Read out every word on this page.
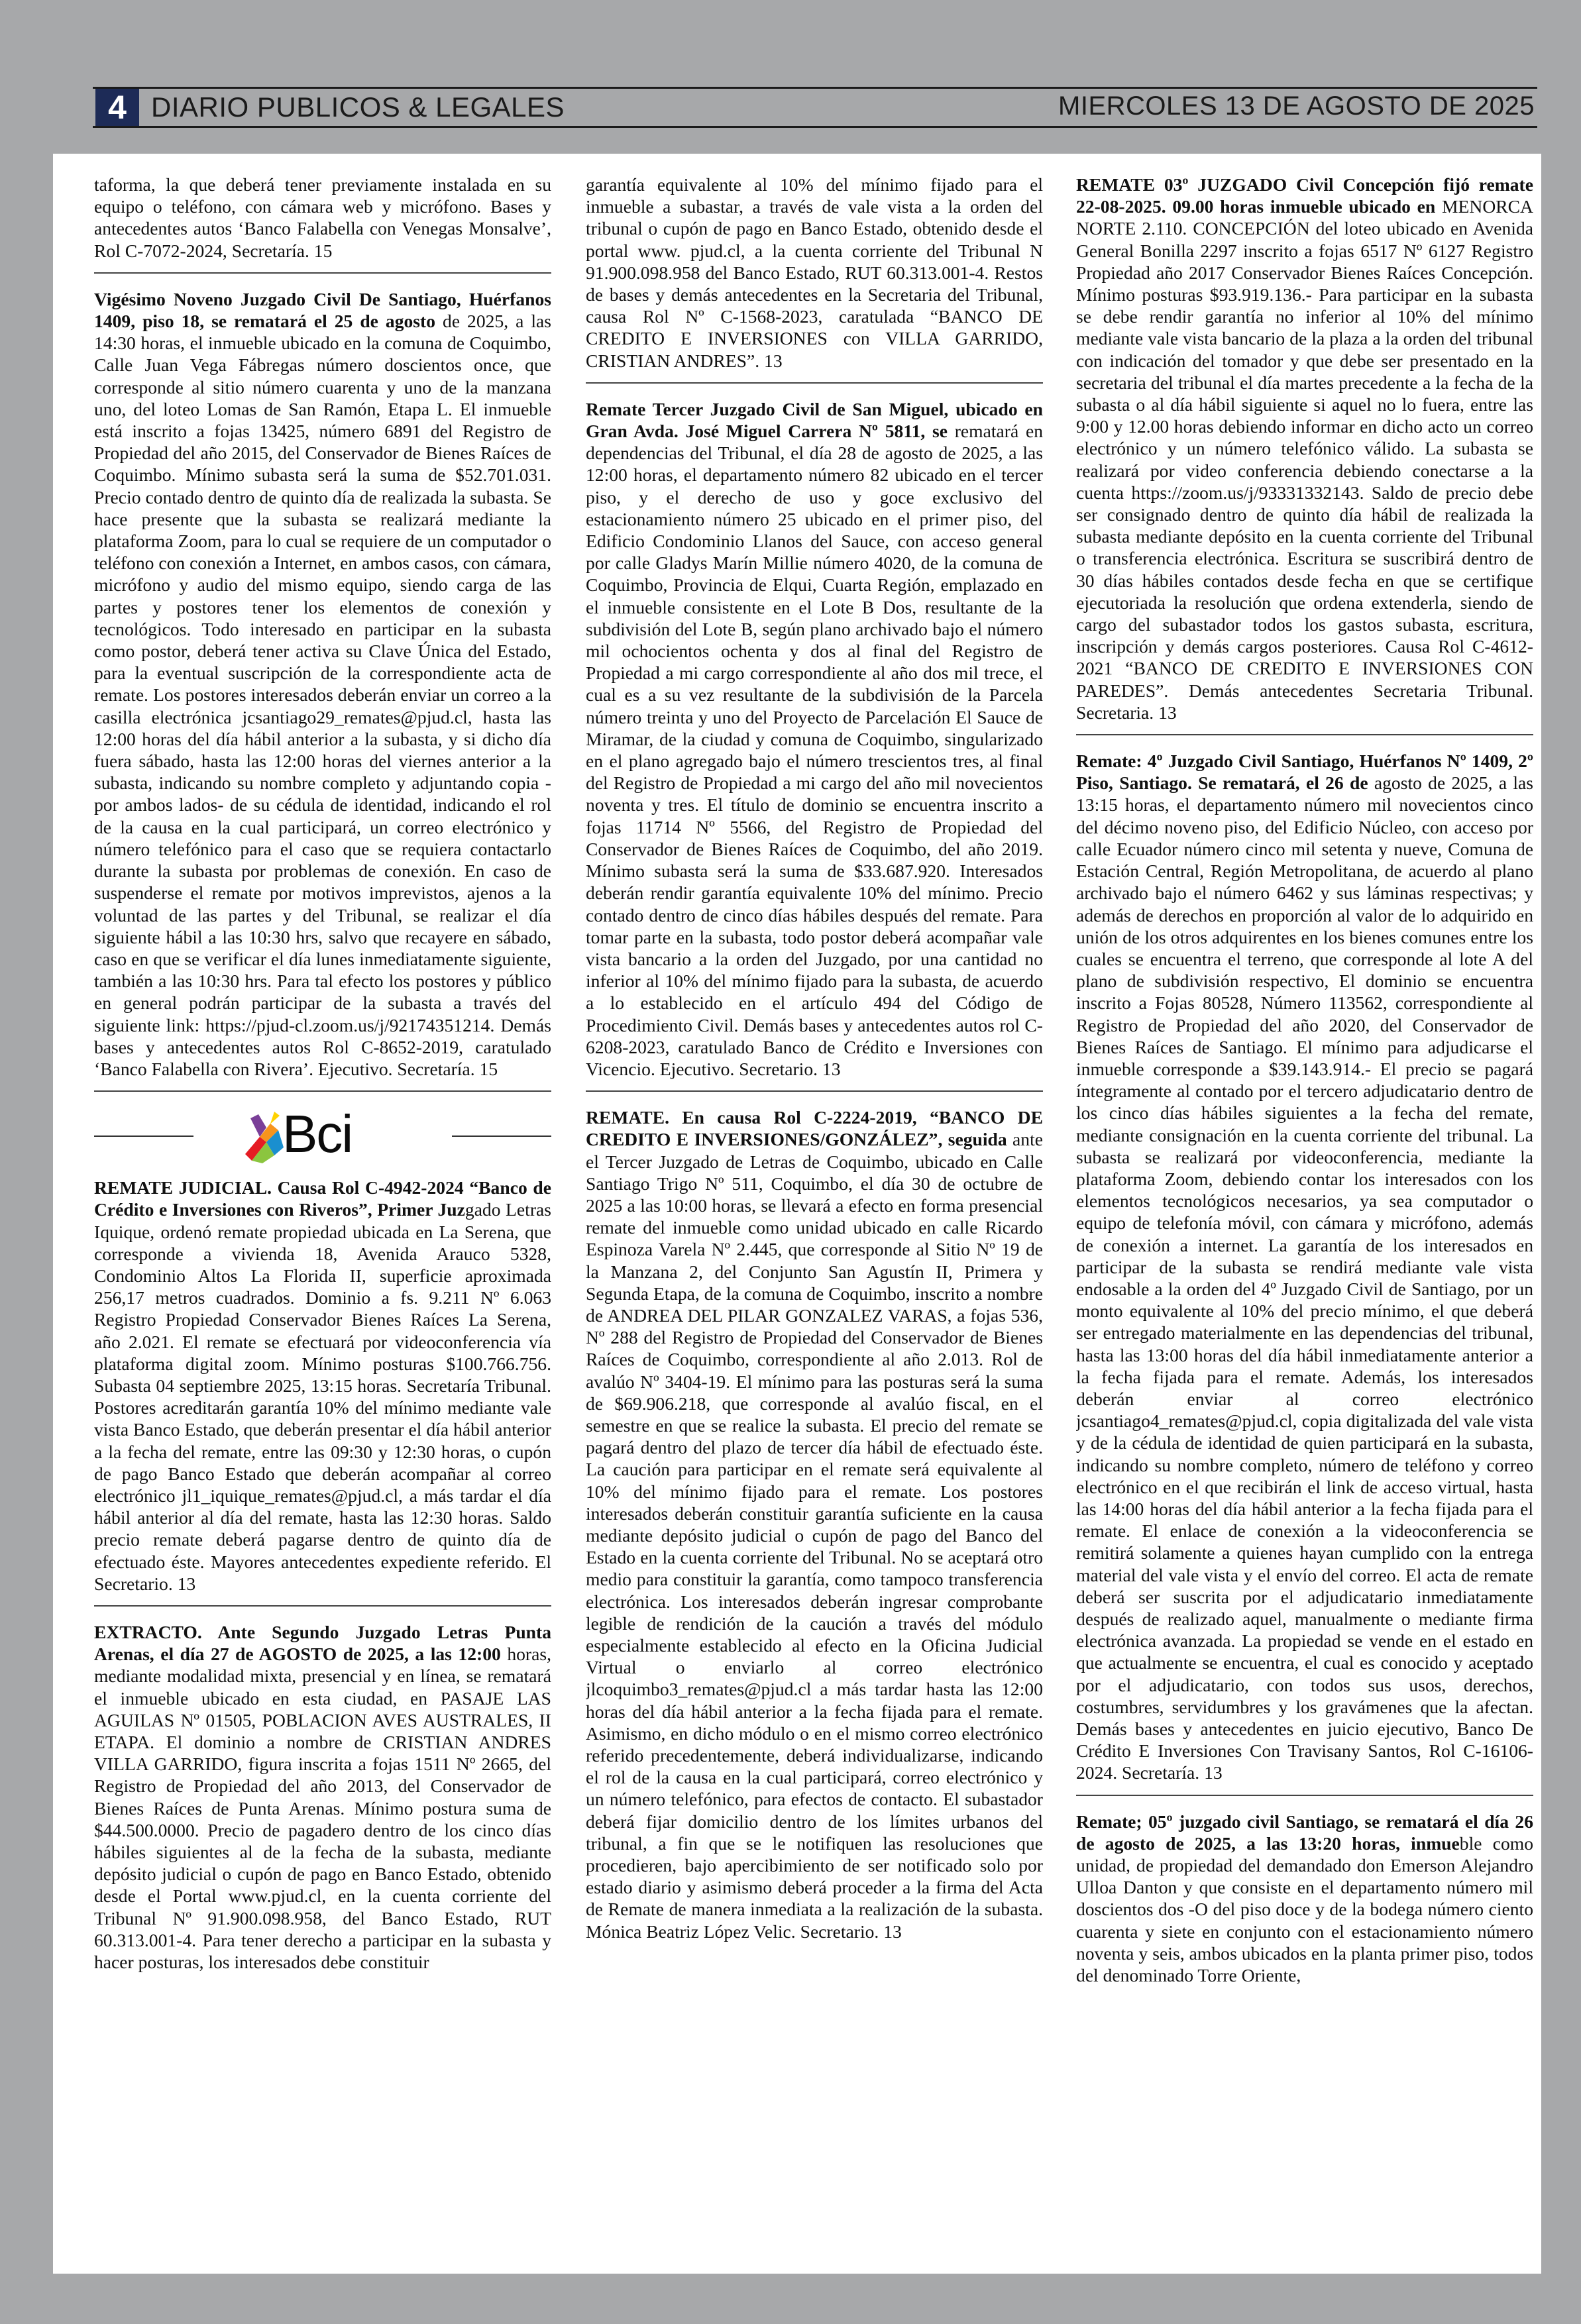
4 DIARIO PUBLICOS & LEGALES	MIERCOLES 13 DE AGOSTO DE 2025

taforma, la que deberá tener previamente instalada en su equipo o teléfono, con cámara web y micrófono. Bases y antecedentes autos ‘Banco Falabella con Venegas Monsalve’, Rol C-7072-2024, Secretaría. 15

Vigésimo Noveno Juzgado Civil De Santiago, Huérfanos 1409, piso 18, se rematará el 25 de agosto de 2025, a las 14:30 horas, el inmueble ubicado en la comuna de Coquimbo, Calle Juan Vega Fábregas número doscientos once, que corresponde al sitio número cuarenta y uno de la manzana uno, del loteo Lomas de San Ramón, Etapa L. El inmueble está inscrito a fojas 13425, número 6891 del Registro de Propiedad del año 2015, del Conservador de Bienes Raíces de Coquimbo. Mínimo subasta será la suma de $52.701.031. Precio contado dentro de quinto día de realizada la subasta. Se hace presente que la subasta se realizará mediante la plataforma Zoom, para lo cual se requiere de un computador o teléfono con conexión a Internet, en ambos casos, con cámara, micrófono y audio del mismo equipo, siendo carga de las partes y postores tener los elementos de conexión y tecnológicos. Todo interesado en participar en la subasta como postor, deberá tener activa su Clave Única del Estado, para la eventual suscripción de la correspondiente acta de remate. Los postores interesados deberán enviar un correo a la casilla electrónica jcsantiago29_remates@pjud.cl, hasta las 12:00 horas del día hábil anterior a la subasta, y si dicho día fuera sábado, hasta las 12:00 horas del viernes anterior a la subasta, indicando su nombre completo y adjuntando copia -por ambos lados- de su cédula de identidad, indicando el rol de la causa en la cual participará, un correo electrónico y número telefónico para el caso que se requiera contactarlo durante la subasta por problemas de conexión. En caso de suspenderse el remate por motivos imprevistos, ajenos a la voluntad de las partes y del Tribunal, se realizar el día siguiente hábil a las 10:30 hrs, salvo que recayere en sábado, caso en que se verificar el día lunes inmediatamente siguiente, también a las 10:30 hrs. Para tal efecto los postores y público en general podrán participar de la subasta a través del siguiente link: https://pjud-cl.zoom.us/j/92174351214. Demás bases y antecedentes autos Rol C-8652-2019, caratulado ‘Banco Falabella con Rivera’. Ejecutivo. Secretaría. 15

Bci

REMATE JUDICIAL. Causa Rol C-4942-2024 “Banco de Crédito e Inversiones con Riveros”, Primer Juzgado Letras Iquique, ordenó remate propiedad ubicada en La Serena, que corresponde a vivienda 18, Avenida Arauco 5328, Condominio Altos La Florida II, superficie aproximada 256,17 metros cuadrados. Dominio a fs. 9.211 Nº 6.063 Registro Propiedad Conservador Bienes Raíces La Serena, año 2.021. El remate se efectuará por videoconferencia vía plataforma digital zoom. Mínimo posturas $100.766.756. Subasta 04 septiembre 2025, 13:15 horas. Secretaría Tribunal. Postores acreditarán garantía 10% del mínimo mediante vale vista Banco Estado, que deberán presentar el día hábil anterior a la fecha del remate, entre las 09:30 y 12:30 horas, o cupón de pago Banco Estado que deberán acompañar al correo electrónico jl1_iquique_remates@pjud.cl, a más tardar el día hábil anterior al día del remate, hasta las 12:30 horas. Saldo precio remate deberá pagarse dentro de quinto día de efectuado éste. Mayores antecedentes expediente referido. El Secretario. 13

EXTRACTO. Ante Segundo Juzgado Letras Punta Arenas, el día 27 de AGOSTO de 2025, a las 12:00 horas, mediante modalidad mixta, presencial y en línea, se rematará el inmueble ubicado en esta ciudad, en PASAJE LAS AGUILAS Nº 01505, POBLACION AVES AUSTRALES, II ETAPA. El dominio a nombre de CRISTIAN ANDRES VILLA GARRIDO, figura inscrita a fojas 1511 Nº 2665, del Registro de Propiedad del año 2013, del Conservador de Bienes Raíces de Punta Arenas. Mínimo postura suma de $44.500.0000. Precio de pagadero dentro de los cinco días hábiles siguientes al de la fecha de la subasta, mediante depósito judicial o cupón de pago en Banco Estado, obtenido desde el Portal www.pjud.cl, en la cuenta corriente del Tribunal Nº 91.900.098.958, del Banco Estado, RUT 60.313.001-4. Para tener derecho a participar en la subasta y hacer posturas, los interesados debe constituir

garantía equivalente al 10% del mínimo fijado para el inmueble a subastar, a través de vale vista a la orden del tribunal o cupón de pago en Banco Estado, obtenido desde el portal www. pjud.cl, a la cuenta corriente del Tribunal N 91.900.098.958 del Banco Estado, RUT 60.313.001-4. Restos de bases y demás antecedentes en la Secretaria del Tribunal, causa Rol Nº C-1568-2023, caratulada “BANCO DE CREDITO E INVERSIONES con VILLA GARRIDO, CRISTIAN ANDRES”. 13

Remate Tercer Juzgado Civil de San Miguel, ubicado en Gran Avda. José Miguel Carrera Nº 5811, se rematará en dependencias del Tribunal, el día 28 de agosto de 2025, a las 12:00 horas, el departamento número 82 ubicado en el tercer piso, y el derecho de uso y goce exclusivo del estacionamiento número 25 ubicado en el primer piso, del Edificio Condominio Llanos del Sauce, con acceso general por calle Gladys Marín Millie número 4020, de la comuna de Coquimbo, Provincia de Elqui, Cuarta Región, emplazado en el inmueble consistente en el Lote B Dos, resultante de la subdivisión del Lote B, según plano archivado bajo el número mil ochocientos ochenta y dos al final del Registro de Propiedad a mi cargo correspondiente al año dos mil trece, el cual es a su vez resultante de la subdivisión de la Parcela número treinta y uno del Proyecto de Parcelación El Sauce de Miramar, de la ciudad y comuna de Coquimbo, singularizado en el plano agregado bajo el número trescientos tres, al final del Registro de Propiedad a mi cargo del año mil novecientos noventa y tres. El título de dominio se encuentra inscrito a fojas 11714 Nº 5566, del Registro de Propiedad del Conservador de Bienes Raíces de Coquimbo, del año 2019. Mínimo subasta será la suma de $33.687.920. Interesados deberán rendir garantía equivalente 10% del mínimo. Precio contado dentro de cinco días hábiles después del remate. Para tomar parte en la subasta, todo postor deberá acompañar vale vista bancario a la orden del Juzgado, por una cantidad no inferior al 10% del mínimo fijado para la subasta, de acuerdo a lo establecido en el artículo 494 del Código de Procedimiento Civil. Demás bases y antecedentes autos rol C-6208-2023, caratulado Banco de Crédito e Inversiones con Vicencio. Ejecutivo. Secretario. 13

REMATE. En causa Rol C-2224-2019, “BANCO DE CREDITO E INVERSIONES/GONZÁLEZ”, seguida ante el Tercer Juzgado de Letras de Coquimbo, ubicado en Calle Santiago Trigo Nº 511, Coquimbo, el día 30 de octubre de 2025 a las 10:00 horas, se llevará a efecto en forma presencial remate del inmueble como unidad ubicado en calle Ricardo Espinoza Varela Nº 2.445, que corresponde al Sitio Nº 19 de la Manzana 2, del Conjunto San Agustín II, Primera y Segunda Etapa, de la comuna de Coquimbo, inscrito a nombre de ANDREA DEL PILAR GONZALEZ VARAS, a fojas 536, Nº 288 del Registro de Propiedad del Conservador de Bienes Raíces de Coquimbo, correspondiente al año 2.013. Rol de avalúo Nº 3404-19. El mínimo para las posturas será la suma de $69.906.218, que corresponde al avalúo fiscal, en el semestre en que se realice la subasta. El precio del remate se pagará dentro del plazo de tercer día hábil de efectuado éste. La caución para participar en el remate será equivalente al 10% del mínimo fijado para el remate. Los postores interesados deberán constituir garantía suficiente en la causa mediante depósito judicial o cupón de pago del Banco del Estado en la cuenta corriente del Tribunal. No se aceptará otro medio para constituir la garantía, como tampoco transferencia electrónica. Los interesados deberán ingresar comprobante legible de rendición de la caución a través del módulo especialmente establecido al efecto en la Oficina Judicial Virtual o enviarlo al correo electrónico jlcoquimbo3_remates@pjud.cl a más tardar hasta las 12:00 horas del día hábil anterior a la fecha fijada para el remate. Asimismo, en dicho módulo o en el mismo correo electrónico referido precedentemente, deberá individualizarse, indicando el rol de la causa en la cual participará, correo electrónico y un número telefónico, para efectos de contacto. El subastador deberá fijar domicilio dentro de los límites urbanos del tribunal, a fin que se le notifiquen las resoluciones que procedieren, bajo apercibimiento de ser notificado solo por estado diario y asimismo deberá proceder a la firma del Acta de Remate de manera inmediata a la realización de la subasta. Mónica Beatriz López Velic. Secretario. 13

REMATE 03º JUZGADO Civil Concepción fijó remate 22-08-2025. 09.00 horas inmueble ubicado en MENORCA NORTE 2.110. CONCEPCIÓN del loteo ubicado en Avenida General Bonilla 2297 inscrito a fojas 6517 Nº 6127 Registro Propiedad año 2017 Conservador Bienes Raíces Concepción. Mínimo posturas $93.919.136.- Para participar en la subasta se debe rendir garantía no inferior al 10% del mínimo mediante vale vista bancario de la plaza a la orden del tribunal con indicación del tomador y que debe ser presentado en la secretaria del tribunal el día martes precedente a la fecha de la subasta o al día hábil siguiente si aquel no lo fuera, entre las 9:00 y 12.00 horas debiendo informar en dicho acto un correo electrónico y un número telefónico válido. La subasta se realizará por video conferencia debiendo conectarse a la cuenta https://zoom.us/j/93331332143. Saldo de precio debe ser consignado dentro de quinto día hábil de realizada la subasta mediante depósito en la cuenta corriente del Tribunal o transferencia electrónica. Escritura se suscribirá dentro de 30 días hábiles contados desde fecha en que se certifique ejecutoriada la resolución que ordena extenderla, siendo de cargo del subastador todos los gastos subasta, escritura, inscripción y demás cargos posteriores. Causa Rol C-4612-2021 “BANCO DE CREDITO E INVERSIONES CON PAREDES”. Demás antecedentes Secretaria Tribunal. Secretaria. 13

Remate: 4º Juzgado Civil Santiago, Huérfanos Nº 1409, 2º Piso, Santiago. Se rematará, el 26 de agosto de 2025, a las 13:15 horas, el departamento número mil novecientos cinco del décimo noveno piso, del Edificio Núcleo, con acceso por calle Ecuador número cinco mil setenta y nueve, Comuna de Estación Central, Región Metropolitana, de acuerdo al plano archivado bajo el número 6462 y sus láminas respectivas; y además de derechos en proporción al valor de lo adquirido en unión de los otros adquirentes en los bienes comunes entre los cuales se encuentra el terreno, que corresponde al lote A del plano de subdivisión respectivo, El dominio se encuentra inscrito a Fojas 80528, Número 113562, correspondiente al Registro de Propiedad del año 2020, del Conservador de Bienes Raíces de Santiago. El mínimo para adjudicarse el inmueble corresponde a $39.143.914.- El precio se pagará íntegramente al contado por el tercero adjudicatario dentro de los cinco días hábiles siguientes a la fecha del remate, mediante consignación en la cuenta corriente del tribunal. La subasta se realizará por videoconferencia, mediante la plataforma Zoom, debiendo contar los interesados con los elementos tecnológicos necesarios, ya sea computador o equipo de telefonía móvil, con cámara y micrófono, además de conexión a internet. La garantía de los interesados en participar de la subasta se rendirá mediante vale vista endosable a la orden del 4º Juzgado Civil de Santiago, por un monto equivalente al 10% del precio mínimo, el que deberá ser entregado materialmente en las dependencias del tribunal, hasta las 13:00 horas del día hábil inmediatamente anterior a la fecha fijada para el remate. Además, los interesados deberán enviar al correo electrónico jcsantiago4_remates@pjud.cl, copia digitalizada del vale vista y de la cédula de identidad de quien participará en la subasta, indicando su nombre completo, número de teléfono y correo electrónico en el que recibirán el link de acceso virtual, hasta las 14:00 horas del día hábil anterior a la fecha fijada para el remate. El enlace de conexión a la videoconferencia se remitirá solamente a quienes hayan cumplido con la entrega material del vale vista y el envío del correo. El acta de remate deberá ser suscrita por el adjudicatario inmediatamente después de realizado aquel, manualmente o mediante firma electrónica avanzada. La propiedad se vende en el estado en que actualmente se encuentra, el cual es conocido y aceptado por el adjudicatario, con todos sus usos, derechos, costumbres, servidumbres y los gravámenes que la afectan. Demás bases y antecedentes en juicio ejecutivo, Banco De Crédito E Inversiones Con Travisany Santos, Rol C-16106-2024. Secretaría. 13

Remate; 05º juzgado civil Santiago, se rematará el día 26 de agosto de 2025, a las 13:20 horas, inmueble como unidad, de propiedad del demandado don Emerson Alejandro Ulloa Danton y que consiste en el departamento número mil doscientos dos -O del piso doce y de la bodega número ciento cuarenta y siete en conjunto con el estacionamiento número noventa y seis, ambos ubicados en la planta primer piso, todos del denominado Torre Oriente,
